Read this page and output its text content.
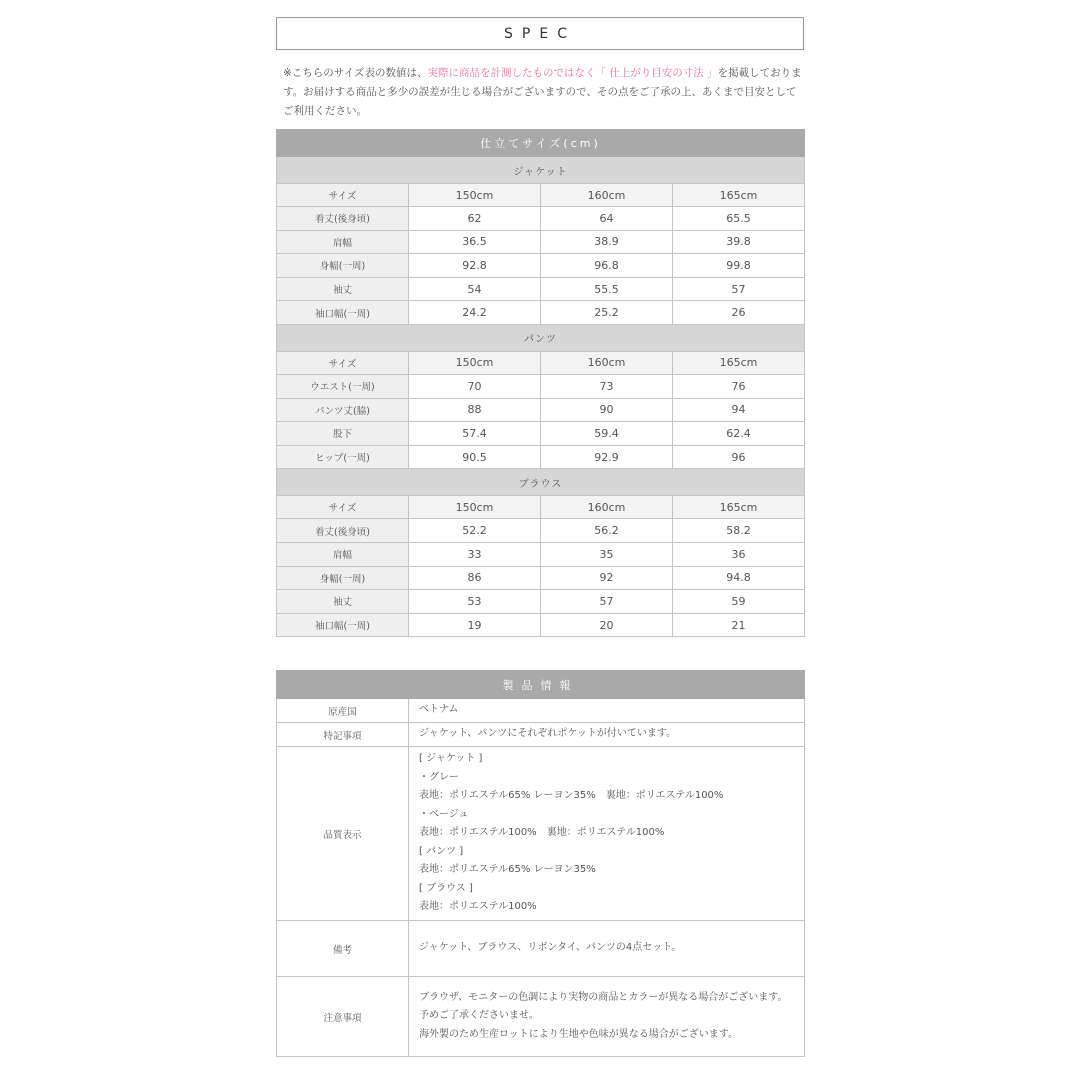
SPEC
※こちらのサイズ表の数値は、実際に商品を計測したものではなく「 仕上がり目安の寸法 」を掲載しております。お届けする商品と多少の誤差が生じる場合がございますので、その点をご了承の上、あくまで目安としてご利用ください。
仕立てサイズ(cm)			
ジャケット			
サイズ	150cm	160cm	165cm
着丈(後身頃)	62	64	65.5
肩幅	36.5	38.9	39.8
身幅(一周)	92.8	96.8	99.8
袖丈	54	55.5	57
袖口幅(一周)	24.2	25.2	26
パンツ			
サイズ	150cm	160cm	165cm
ウエスト(一周)	70	73	76
パンツ丈(脇)	88	90	94
股下	57.4	59.4	62.4
ヒップ(一周)	90.5	92.9	96
ブラウス			
サイズ	150cm	160cm	165cm
着丈(後身頃)	52.2	56.2	58.2
肩幅	33	35	36
身幅(一周)	86	92	94.8
袖丈	53	57	59
袖口幅(一周)	19	20	21
製品情報	
原産国	ベトナム
特記事項	ジャケット、パンツにそれぞれポケットが付いています。
品質表示	
[ ジャケット ]
・グレー
表地：ポリエステル65% レーヨン35%　裏地：ポリエステル100%
・ベージュ
表地：ポリエステル100%　裏地：ポリエステル100%
[ パンツ ]
表地：ポリエステル65% レーヨン35%
[ ブラウス ]
表地：ポリエステル100%

備考	ジャケット、ブラウス、リボンタイ、パンツの4点セット。
注意事項	ブラウザ、モニターの色調により実物の商品とカラーが異なる場合がございます。
予めご了承くださいませ。
海外製のため生産ロットにより生地や色味が異なる場合がございます。
